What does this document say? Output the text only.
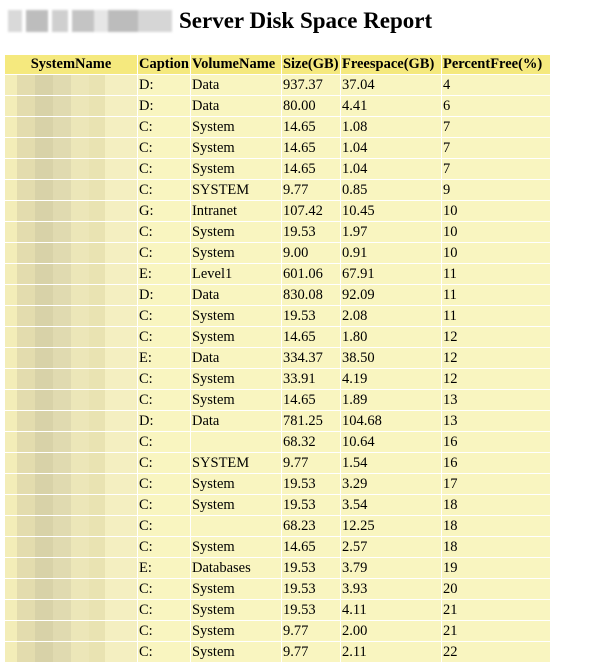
Server Disk Space Report
SystemName	Caption	VolumeName	Size(GB)	Freespace(GB)	PercentFree(%)

	D:	Data	937.37	37.04	4

	D:	Data	80.00	4.41	6

	C:	System	14.65	1.08	7

	C:	System	14.65	1.04	7

	C:	System	14.65	1.04	7

	C:	SYSTEM	9.77	0.85	9

	G:	Intranet	107.42	10.45	10

	C:	System	19.53	1.97	10

	C:	System	9.00	0.91	10

	E:	Level1	601.06	67.91	11

	D:	Data	830.08	92.09	11

	C:	System	19.53	2.08	11

	C:	System	14.65	1.80	12

	E:	Data	334.37	38.50	12

	C:	System	33.91	4.19	12

	C:	System	14.65	1.89	13

	D:	Data	781.25	104.68	13

	C:		68.32	10.64	16

	C:	SYSTEM	9.77	1.54	16

	C:	System	19.53	3.29	17

	C:	System	19.53	3.54	18

	C:		68.23	12.25	18

	C:	System	14.65	2.57	18

	E:	Databases	19.53	3.79	19

	C:	System	19.53	3.93	20

	C:	System	19.53	4.11	21

	C:	System	9.77	2.00	21

	C:	System	9.77	2.11	22
